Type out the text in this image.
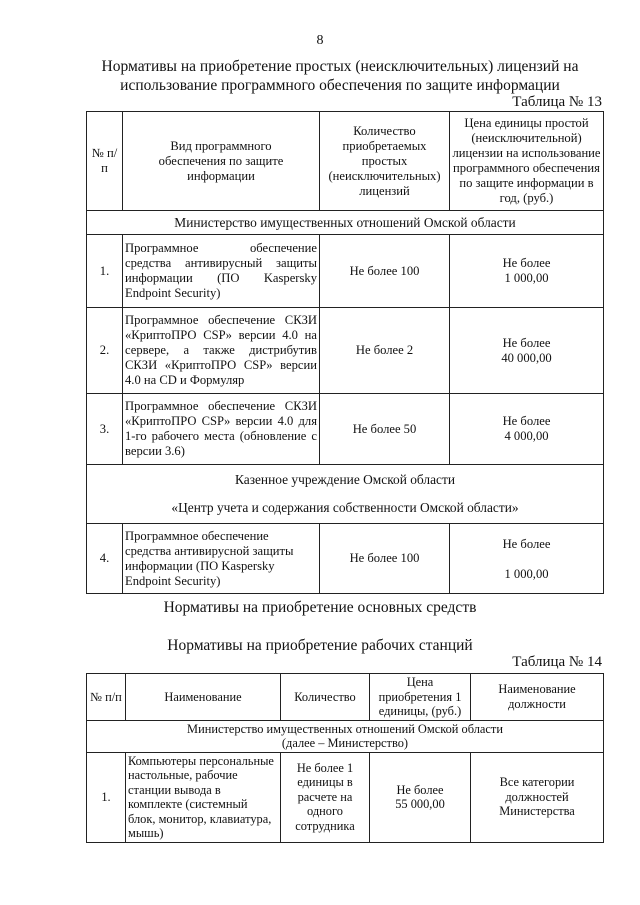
8
Нормативы на приобретение простых (неисключительных) лицензий на использование программного обеспечения по защите информации
Таблица № 13
№ п/п	Вид программного обеспечения по защите информации	Количество приобретаемых простых (неисключительных) лицензий	Цена единицы простой (неисключительной) лицензии на использование программного обеспечения по защите информации в год, (руб.)
Министерство имущественных отношений Омской области			
1.	Программное обеспечение средства антивирусный защиты информации (ПО Kaspersky Endpoint Security)	Не более 100	Не более
1 000,00

2.	Программное обеспечение СКЗИ «КриптоПРО CSP» версии 4.0 на сервере, а также дистрибутив СКЗИ «КриптоПРО CSP» версии 4.0 на CD и Формуляр	Не более 2	Не более
40 000,00

3.	Программное обеспечение СКЗИ «КриптоПРО CSP» версии 4.0 для 1-го рабочего места (обновление с версии 3.6)	Не более 50	Не более
4 000,00

Казенное учреждение Омской области
«Центр учета и содержания собственности Омской области»			

4.	Программное обеспечение средства антивирусной защиты информации (ПО Kaspersky Endpoint Security)	Не более 100	Не более
1 000,00
Нормативы на приобретение основных средств
Нормативы на приобретение рабочих станций
Таблица № 14
№ п/п	Наименование	Количество	Цена приобретения 1 единицы, (руб.)	Наименование должности

Министерство имущественных отношений Омской области
(далее – Министерство)				

1.	Компьютеры персональные настольные, рабочие станции вывода в комплекте (системный блок, монитор, клавиатура, мышь)	Не более 1 единицы в расчете на одного сотрудника	Не более
55 000,00	Все категории должностей Министерства
